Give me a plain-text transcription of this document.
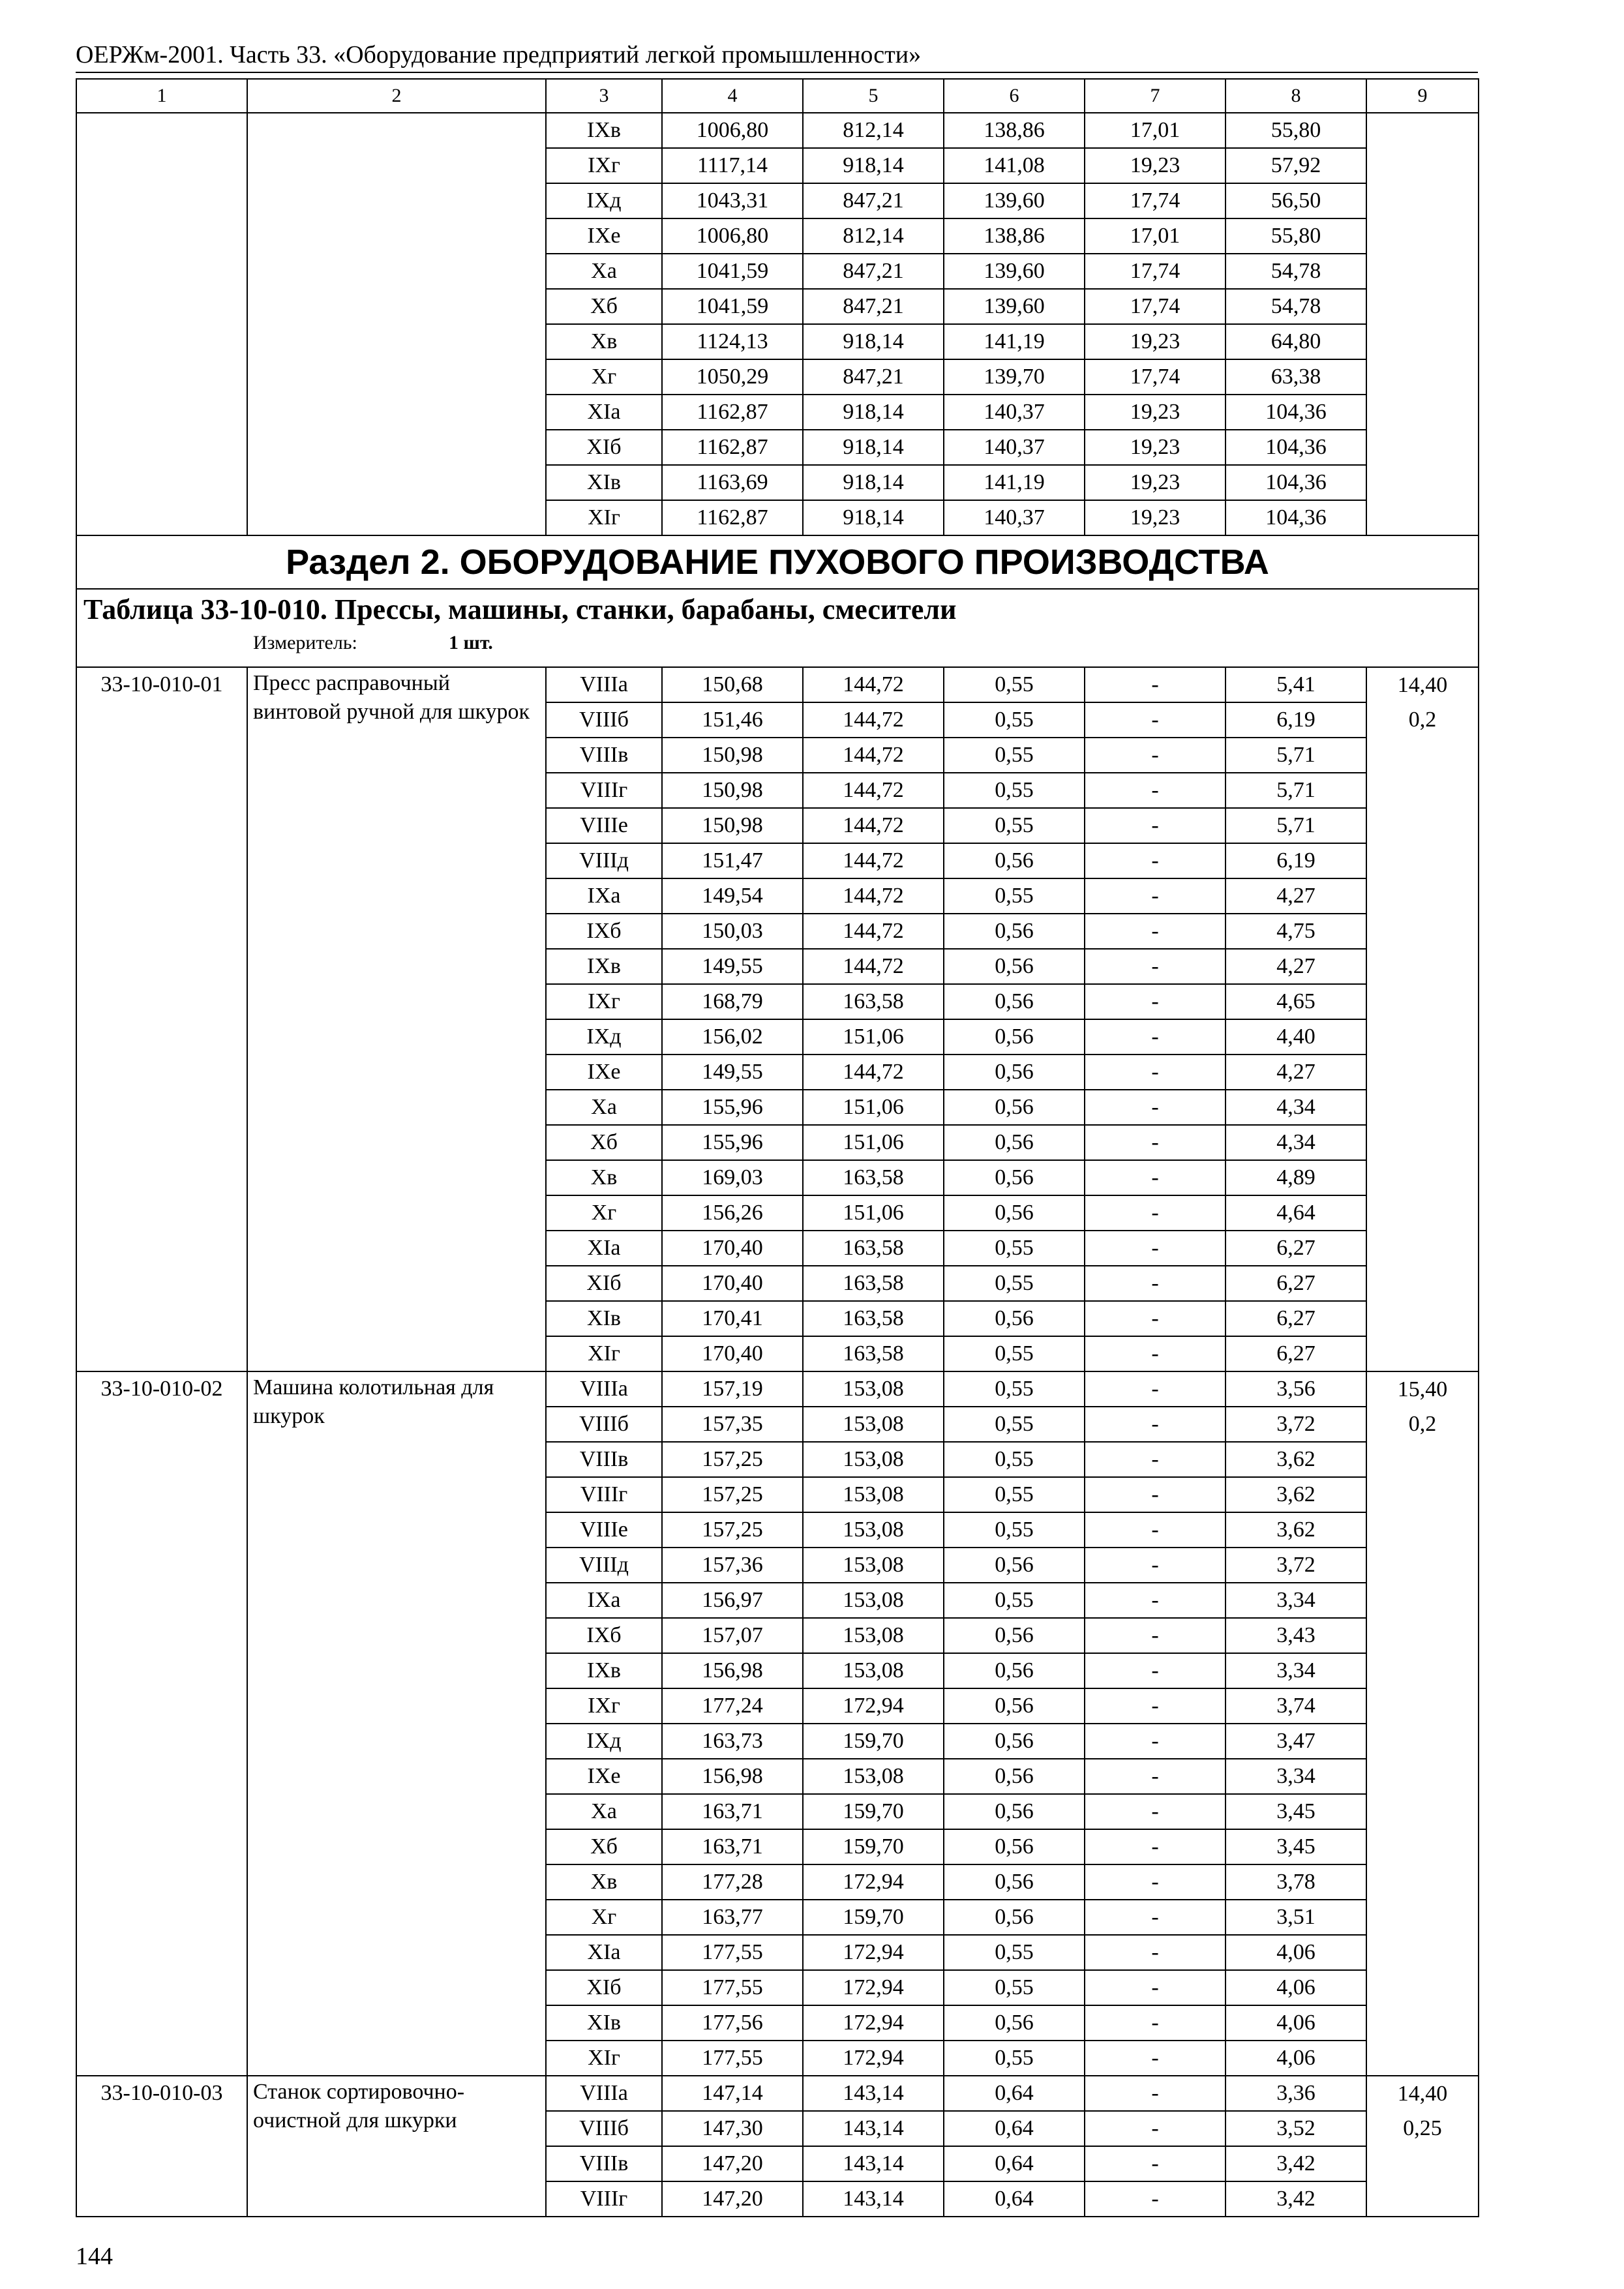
ОЕРЖм-2001. Часть 33. «Оборудование предприятий легкой промышленности»
1	2	3	4	5	6	7	8	9
		IXв	1006,80	812,14	138,86	17,01	55,80	
		IXг	1117,14	918,14	141,08	19,23	57,92	
		IXд	1043,31	847,21	139,60	17,74	56,50	
		IXе	1006,80	812,14	138,86	17,01	55,80	
		Xа	1041,59	847,21	139,60	17,74	54,78	
		Xб	1041,59	847,21	139,60	17,74	54,78	
		Xв	1124,13	918,14	141,19	19,23	64,80	
		Xг	1050,29	847,21	139,70	17,74	63,38	
		XIа	1162,87	918,14	140,37	19,23	104,36	
		XIб	1162,87	918,14	140,37	19,23	104,36	
		XIв	1163,69	918,14	141,19	19,23	104,36	
		XIг	1162,87	918,14	140,37	19,23	104,36	
Раздел 2. ОБОРУДОВАНИЕ ПУХОВОГО ПРОИЗВОДСТВА								

Таблица 33-10-010. Прессы, машины, станки, барабаны, смесители
Измеритель: 1 шт.								

33-10-010-01	Пресс расправочный винтовой ручной для шкурок	VIIIа	150,68	144,72	0,55	-	5,41	14,40
		VIIIб	151,46	144,72	0,55	-	6,19	0,2
		VIIIв	150,98	144,72	0,55	-	5,71	
		VIIIг	150,98	144,72	0,55	-	5,71	
		VIIIе	150,98	144,72	0,55	-	5,71	
		VIIIд	151,47	144,72	0,56	-	6,19	
		IXа	149,54	144,72	0,55	-	4,27	
		IXб	150,03	144,72	0,56	-	4,75	
		IXв	149,55	144,72	0,56	-	4,27	
		IXг	168,79	163,58	0,56	-	4,65	
		IXд	156,02	151,06	0,56	-	4,40	
		IXе	149,55	144,72	0,56	-	4,27	
		Xа	155,96	151,06	0,56	-	4,34	
		Xб	155,96	151,06	0,56	-	4,34	
		Xв	169,03	163,58	0,56	-	4,89	
		Xг	156,26	151,06	0,56	-	4,64	
		XIа	170,40	163,58	0,55	-	6,27	
		XIб	170,40	163,58	0,55	-	6,27	
		XIв	170,41	163,58	0,56	-	6,27	
		XIг	170,40	163,58	0,55	-	6,27	
33-10-010-02	Машина колотильная для шкурок	VIIIа	157,19	153,08	0,55	-	3,56	15,40
		VIIIб	157,35	153,08	0,55	-	3,72	0,2
		VIIIв	157,25	153,08	0,55	-	3,62	
		VIIIг	157,25	153,08	0,55	-	3,62	
		VIIIе	157,25	153,08	0,55	-	3,62	
		VIIIд	157,36	153,08	0,56	-	3,72	
		IXа	156,97	153,08	0,55	-	3,34	
		IXб	157,07	153,08	0,56	-	3,43	
		IXв	156,98	153,08	0,56	-	3,34	
		IXг	177,24	172,94	0,56	-	3,74	
		IXд	163,73	159,70	0,56	-	3,47	
		IXе	156,98	153,08	0,56	-	3,34	
		Xа	163,71	159,70	0,56	-	3,45	
		Xб	163,71	159,70	0,56	-	3,45	
		Xв	177,28	172,94	0,56	-	3,78	
		Xг	163,77	159,70	0,56	-	3,51	
		XIа	177,55	172,94	0,55	-	4,06	
		XIб	177,55	172,94	0,55	-	4,06	
		XIв	177,56	172,94	0,56	-	4,06	
		XIг	177,55	172,94	0,55	-	4,06	
33-10-010-03	Станок сортировочно-очистной для шкурки	VIIIа	147,14	143,14	0,64	-	3,36	14,40
		VIIIб	147,30	143,14	0,64	-	3,52	0,25
		VIIIв	147,20	143,14	0,64	-	3,42	
		VIIIг	147,20	143,14	0,64	-	3,42	
144
